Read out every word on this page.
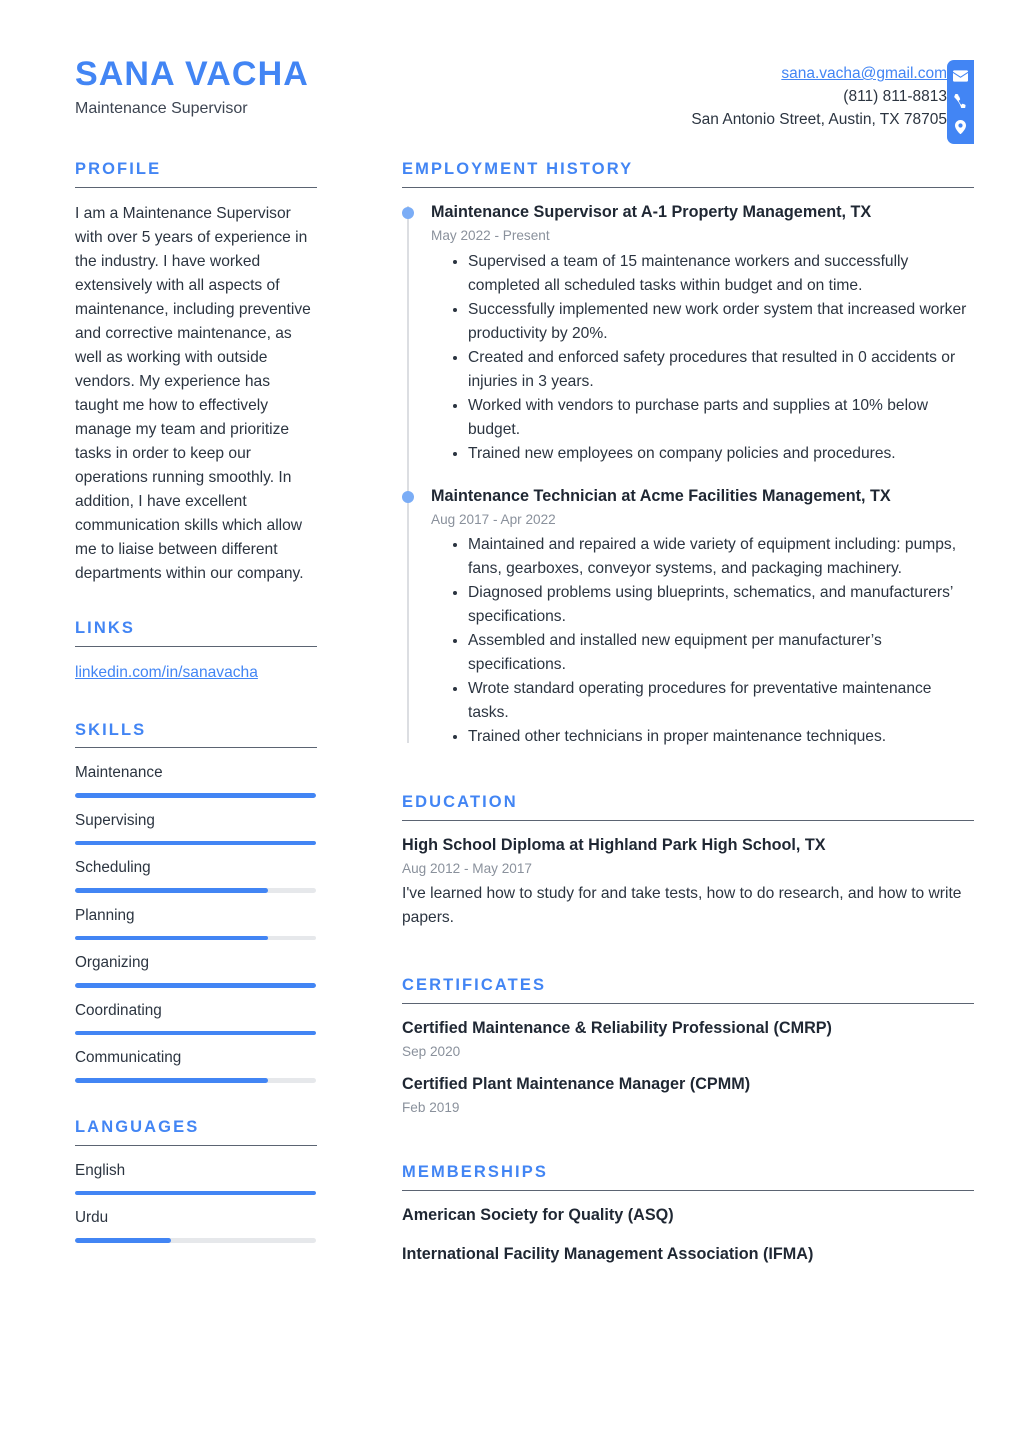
SANA VACHA
Maintenance Supervisor
sana.vacha@gmail.com
(811) 811-8813
San Antonio Street, Austin, TX 78705
PROFILE
I am a Maintenance Supervisor with over 5 years of experience in the industry. I have worked extensively with all aspects of maintenance, including preventive and corrective maintenance, as well as working with outside vendors. My experience has taught me how to effectively manage my team and prioritize tasks in order to keep our operations running smoothly. In addition, I have excellent communication skills which allow me to liaise between different departments within our company.
LINKS
linkedin.com/in/sanavacha
SKILLS
Maintenance
Supervising
Scheduling
Planning
Organizing
Coordinating
Communicating
LANGUAGES
English
Urdu
EMPLOYMENT HISTORY
Maintenance Supervisor at A-1 Property Management, TX
May 2022 - Present
Supervised a team of 15 maintenance workers and successfully completed all scheduled tasks within budget and on time.
Successfully implemented new work order system that increased worker productivity by 20%.
Created and enforced safety procedures that resulted in 0 accidents or injuries in 3 years.
Worked with vendors to purchase parts and supplies at 10% below budget.
Trained new employees on company policies and procedures.
Maintenance Technician at Acme Facilities Management, TX
Aug 2017 - Apr 2022
Maintained and repaired a wide variety of equipment including: pumps, fans, gearboxes, conveyor systems, and packaging machinery.
Diagnosed problems using blueprints, schematics, and manufacturers’ specifications.
Assembled and installed new equipment per manufacturer’s specifications.
Wrote standard operating procedures for preventative maintenance tasks.
Trained other technicians in proper maintenance techniques.
EDUCATION
High School Diploma at Highland Park High School, TX
Aug 2012 - May 2017
I've learned how to study for and take tests, how to do research, and how to write papers.
CERTIFICATES
Certified Maintenance & Reliability Professional (CMRP)
Sep 2020
Certified Plant Maintenance Manager (CPMM)
Feb 2019
MEMBERSHIPS
American Society for Quality (ASQ)
International Facility Management Association (IFMA)
